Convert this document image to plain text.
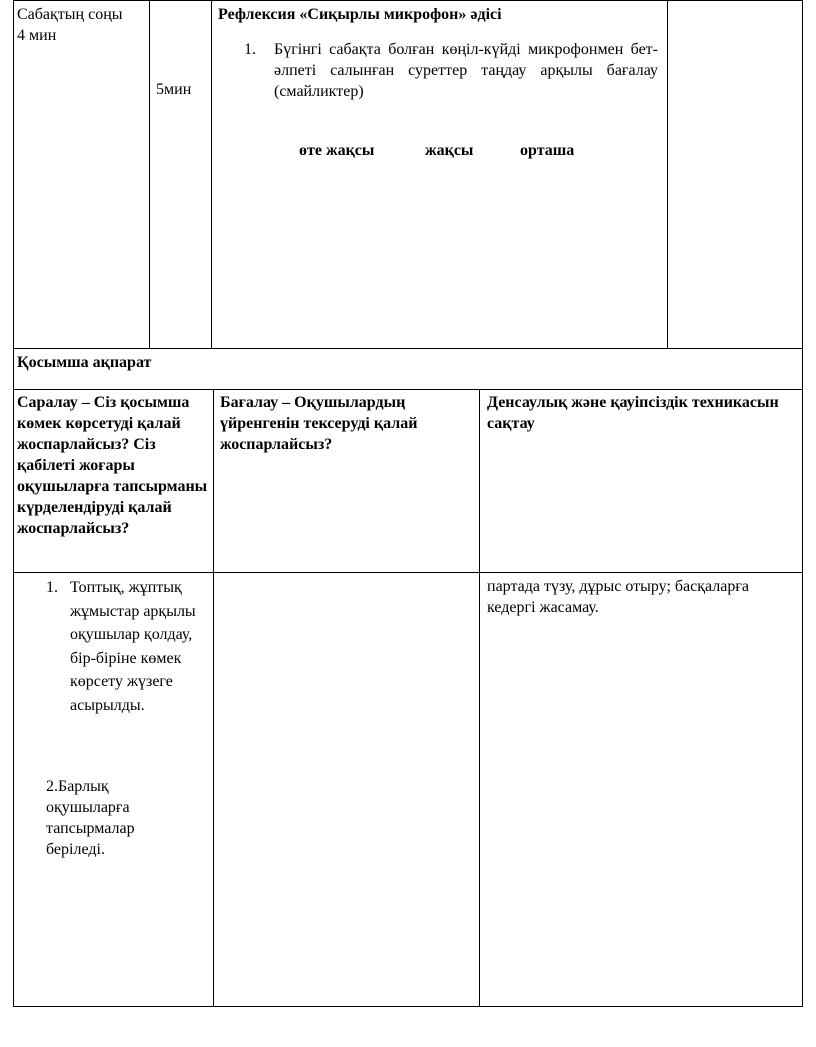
Сабақтың соңы
4 мин
5мин
Рефлексия «Сиқырлы микрофон» әдісі
1. Бүгінгі сабақта болған көңіл-күйді микрофонмен бет-әлпеті салынған суреттер таңдау арқылы бағалау (смайликтер)
өте жақсы	жақсы	орташа
Қосымша ақпарат
Саралау – Сіз қосымша көмек көрсетуді қалай жоспарлайсыз? Сіз қабілеті жоғары оқушыларға тапсырманы күрделендіруді қалай жоспарлайсыз?
Бағалау – Оқушылардың үйренгенін тексеруді қалай жоспарлайсыз?
Денсаулық және қауіпсіздік техникасын сақтау
1. Топтық, жұптық жұмыстар арқылы оқушылар қолдау, бір-біріне көмек көрсету жүзеге асырылды.
2.Барлық оқушыларға тапсырмалар беріледі.
партада түзу, дұрыс отыру; басқаларға кедергі жасамау.
